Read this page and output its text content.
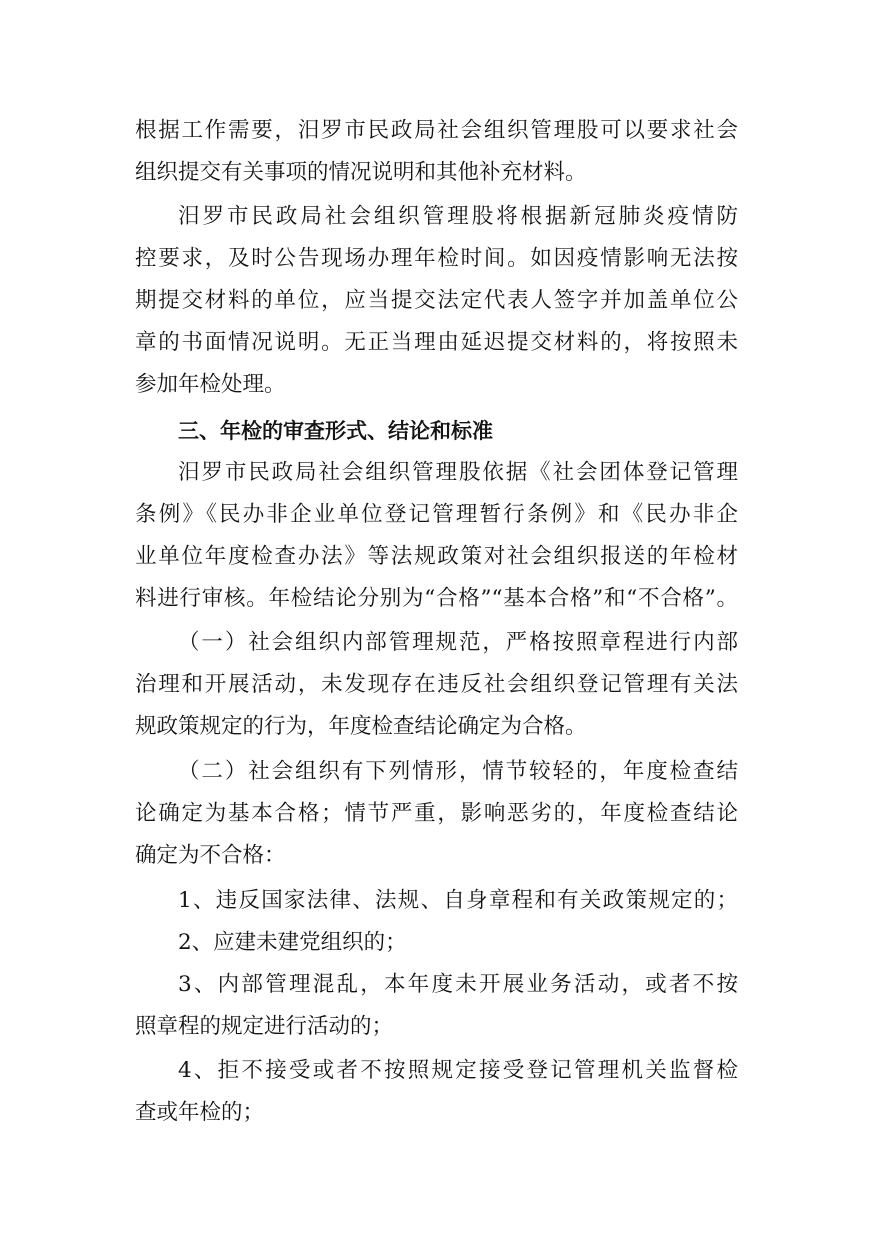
根据工作需要，汨罗市民政局社会组织管理股可以要求社会
组织提交有关事项的情况说明和其他补充材料。
汨罗市民政局社会组织管理股将根据新冠肺炎疫情防
控要求，及时公告现场办理年检时间。如因疫情影响无法按
期提交材料的单位，应当提交法定代表人签字并加盖单位公
章的书面情况说明。无正当理由延迟提交材料的，将按照未
参加年检处理。
三、年检的审查形式、结论和标准
汨罗市民政局社会组织管理股依据《社会团体登记管理
条例》《民办非企业单位登记管理暂行条例》和《民办非企
业单位年度检查办法》等法规政策对社会组织报送的年检材
料进行审核。年检结论分别为“合格”“基本合格”和“不合格”。
（一）社会组织内部管理规范，严格按照章程进行内部
治理和开展活动，未发现存在违反社会组织登记管理有关法
规政策规定的行为，年度检查结论确定为合格。
（二）社会组织有下列情形，情节较轻的，年度检查结
论确定为基本合格；情节严重，影响恶劣的，年度检查结论
确定为不合格：
1、违反国家法律、法规、自身章程和有关政策规定的；
2、应建未建党组织的；
3、内部管理混乱，本年度未开展业务活动，或者不按
照章程的规定进行活动的；
4、拒不接受或者不按照规定接受登记管理机关监督检
查或年检的；
